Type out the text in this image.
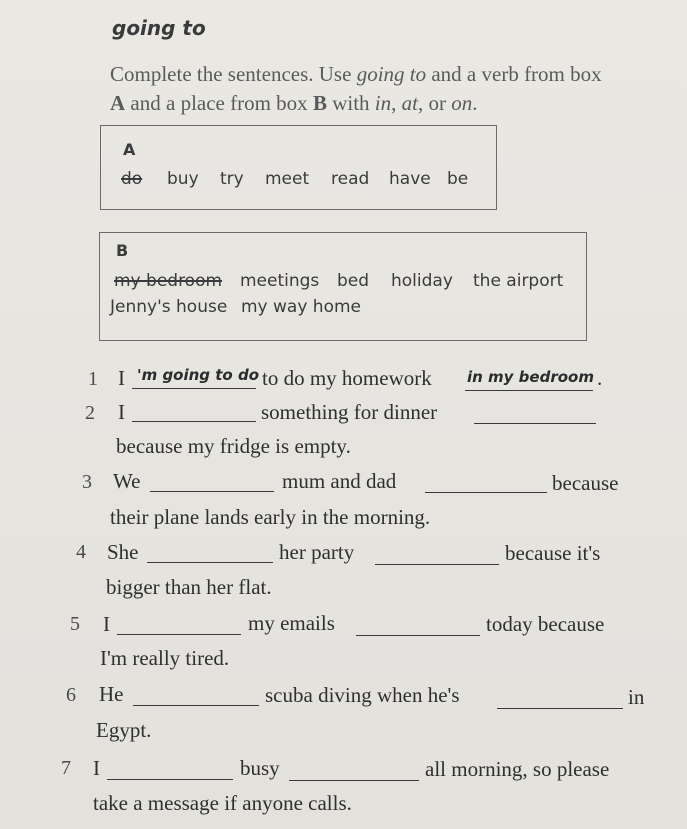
going to
Complete the sentences. Use going to and a verb from box
A and a place from box B with in, at, or on.
A
do buy try meet read have be
B
my bedroom meetings bed holiday the airport
Jenny's house my way home
1 I 'm going to do to do my homework in my bedroom .
2 I	something for dinner
because my fridge is empty.
3 We	mum and dad	because
their plane lands early in the morning.
4 She	her party	because it's
bigger than her flat.
5 I	my emails	today because
I'm really tired.
6 He	scuba diving when he's	in
Egypt.
7 I	busy	all morning, so please
take a message if anyone calls.
